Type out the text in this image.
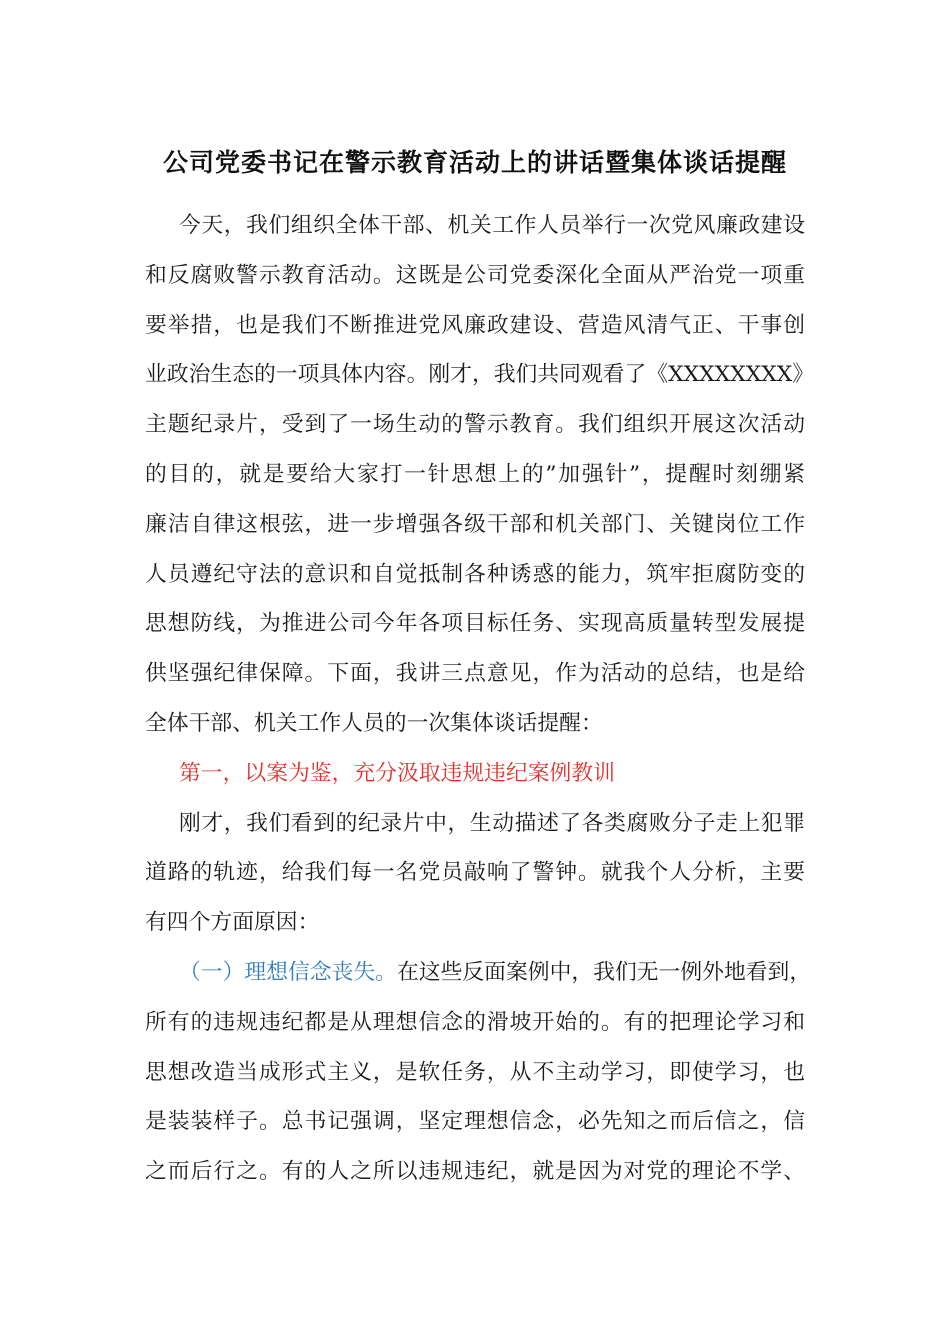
公司党委书记在警示教育活动上的讲话暨集体谈话提醒
今天，我们组织全体干部、机关工作人员举行一次党风廉政建设
和反腐败警示教育活动。这既是公司党委深化全面从严治党一项重
要举措，也是我们不断推进党风廉政建设、营造风清气正、干事创
业政治生态的一项具体内容。刚才，我们共同观看了《XXXXXXXX》
主题纪录片，受到了一场生动的警示教育。我们组织开展这次活动
的目的，就是要给大家打一针思想上的”加强针”，提醒时刻绷紧
廉洁自律这根弦，进一步增强各级干部和机关部门、关键岗位工作
人员遵纪守法的意识和自觉抵制各种诱惑的能力，筑牢拒腐防变的
思想防线，为推进公司今年各项目标任务、实现高质量转型发展提
供坚强纪律保障。下面，我讲三点意见，作为活动的总结，也是给
全体干部、机关工作人员的一次集体谈话提醒：
第一，以案为鉴，充分汲取违规违纪案例教训
刚才，我们看到的纪录片中，生动描述了各类腐败分子走上犯罪
道路的轨迹，给我们每一名党员敲响了警钟。就我个人分析，主要
有四个方面原因：
（一）理想信念丧失。在这些反面案例中，我们无一例外地看到，
所有的违规违纪都是从理想信念的滑坡开始的。有的把理论学习和
思想改造当成形式主义，是软任务，从不主动学习，即使学习，也
是装装样子。总书记强调，坚定理想信念，必先知之而后信之，信
之而后行之。有的人之所以违规违纪，就是因为对党的理论不学、
